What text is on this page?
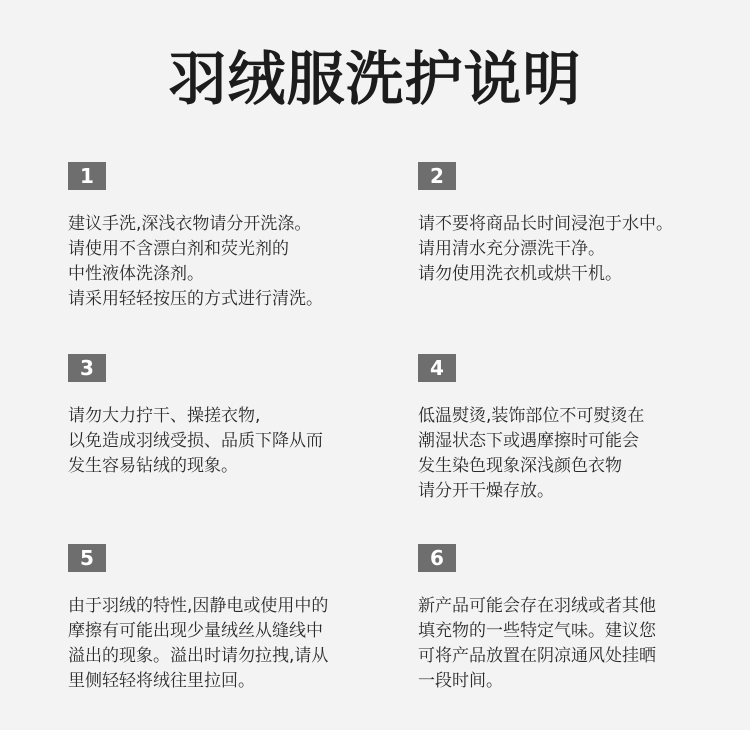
羽绒服洗护说明
1
建议手洗,深浅衣物请分开洗涤。
请使用不含漂白剂和荧光剂的
中性液体洗涤剂。
请采用轻轻按压的方式进行清洗。
2
请不要将商品长时间浸泡于水中。
请用清水充分漂洗干净。
请勿使用洗衣机或烘干机。
3
请勿大力拧干、操搓衣物,
以免造成羽绒受损、品质下降从而
发生容易钻绒的现象。
4
低温熨烫,装饰部位不可熨烫在
潮湿状态下或遇摩擦时可能会
发生染色现象深浅颜色衣物
请分开干燥存放。
5
由于羽绒的特性,因静电或使用中的
摩擦有可能出现少量绒丝从缝线中
溢出的现象。溢出时请勿拉拽,请从
里侧轻轻将绒往里拉回。
6
新产品可能会存在羽绒或者其他
填充物的一些特定气味。建议您
可将产品放置在阴凉通风处挂晒
一段时间。
